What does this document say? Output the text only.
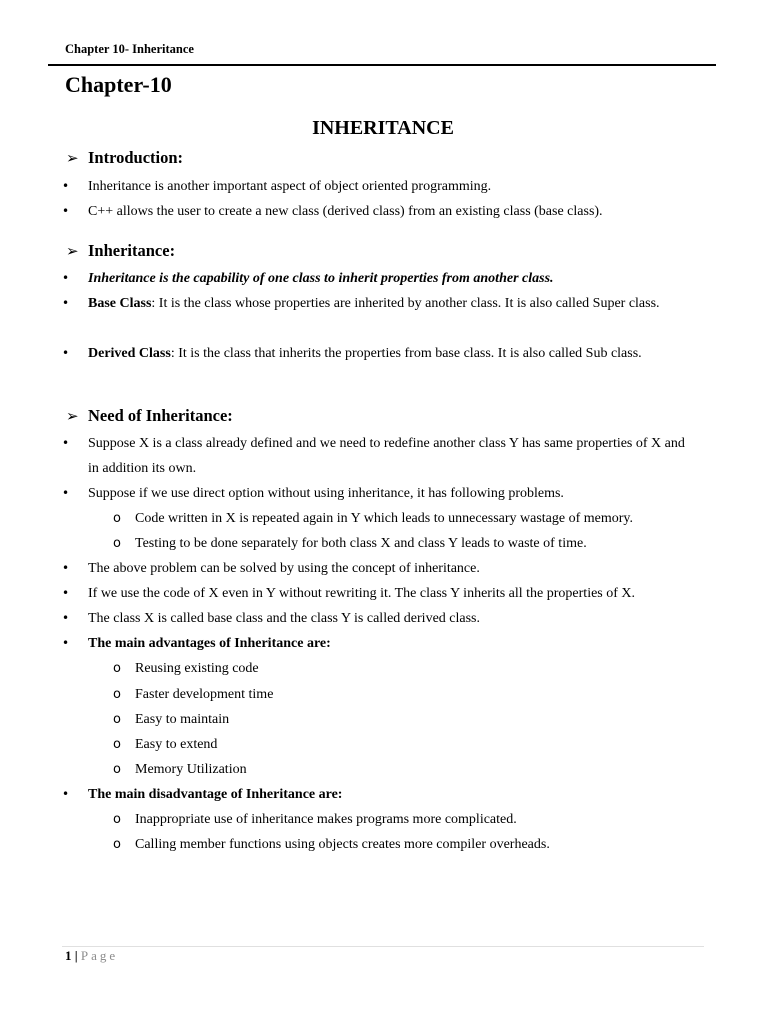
Chapter 10- Inheritance
Chapter-10
INHERITANCE
➢ Introduction:
• Inheritance is another important aspect of object oriented programming.
• C++ allows the user to create a new class (derived class) from an existing class (base class).
➢ Inheritance:
• Inheritance is the capability of one class to inherit properties from another class.
• Base Class: It is the class whose properties are inherited by another class. It is also called Super class.
• Derived Class: It is the class that inherits the properties from base class. It is also called Sub class.
➢ Need of Inheritance:
• Suppose X is a class already defined and we need to redefine another class Y has same properties of X and in addition its own.
• Suppose if we use direct option without using inheritance, it has following problems.
o Code written in X is repeated again in Y which leads to unnecessary wastage of memory.
o Testing to be done separately for both class X and class Y leads to waste of time.
• The above problem can be solved by using the concept of inheritance.
• If we use the code of X even in Y without rewriting it. The class Y inherits all the properties of X.
• The class X is called base class and the class Y is called derived class.
• The main advantages of Inheritance are:
o Reusing existing code
o Faster development time
o Easy to maintain
o Easy to extend
o Memory Utilization
• The main disadvantage of Inheritance are:
o Inappropriate use of inheritance makes programs more complicated.
o Calling member functions using objects creates more compiler overheads.
1 | Page
